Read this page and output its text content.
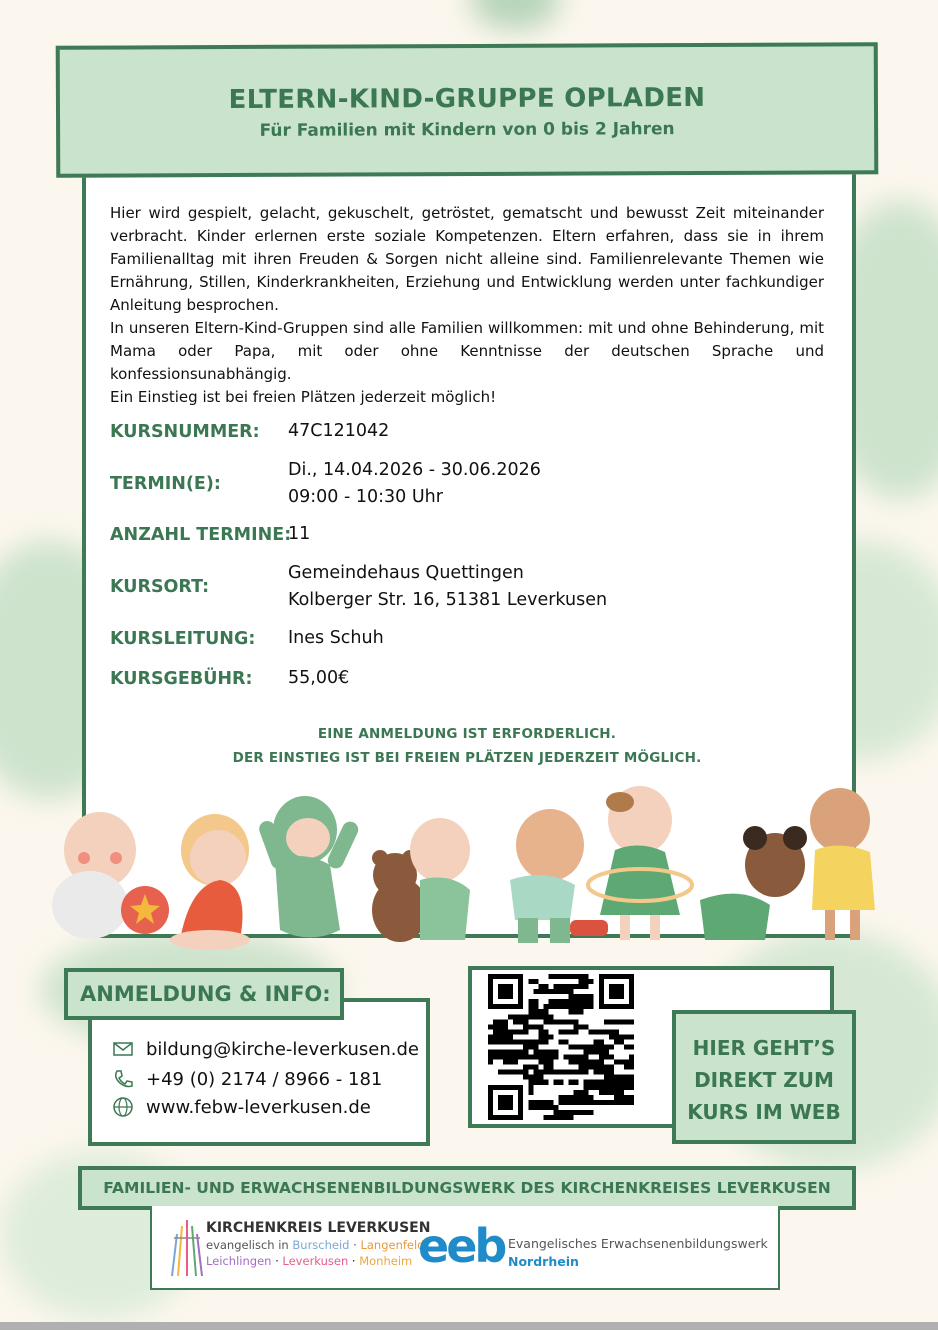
ELTERN-KIND-GRUPPE OPLADEN
Für Familien mit Kindern von 0 bis 2 Jahren

Hier wird gespielt, gelacht, gekuschelt, getröstet, gematscht und bewusst Zeit miteinander verbracht. Kinder erlernen erste soziale Kompetenzen. Eltern erfahren, dass sie in ihrem Familienalltag mit ihren Freuden & Sorgen nicht alleine sind. Familienrelevante Themen wie Ernährung, Stillen, Kinderkrankheiten, Erziehung und Entwicklung werden unter fachkundiger Anleitung besprochen.

In unseren Eltern-Kind-Gruppen sind alle Familien willkommen: mit und ohne Behinderung, mit Mama oder Papa, mit oder ohne Kenntnisse der deutschen Sprache und konfessionsunabhängig.

Ein Einstieg ist bei freien Plätzen jederzeit möglich!

KURSNUMMER: 47C121042
TERMIN(E):
Di., 14.04.2026 - 30.06.2026
09:00 - 10:30 Uhr
ANZAHL TERMINE:
11
KURSORT:
Gemeindehaus Quettingen
Kolberger Str. 16, 51381 Leverkusen
KURSLEITUNG: Ines Schuh
KURSGEBÜHR: 55,00€
EINE ANMELDUNG IST ERFORDERLICH.
DER EINSTIEG IST BEI FREIEN PLÄTZEN JEDERZEIT MÖGLICH.
bildung@kirche-leverkusen.de
+49 (0) 2174 / 8966 - 181
www.febw-leverkusen.de
ANMELDUNG & INFO:
HIER GEHT’S
DIREKT ZUM
KURS IM WEB
FAMILIEN- UND ERWACHSENENBILDUNGSWERK DES KIRCHENKREISES LEVERKUSEN
KIRCHENKREIS LEVERKUSEN
evangelisch in Burscheid · Langenfeld
Leichlingen · Leverkusen · Monheim eeb Evangelisches Erwachsenenbildungswerk
Nordrhein
